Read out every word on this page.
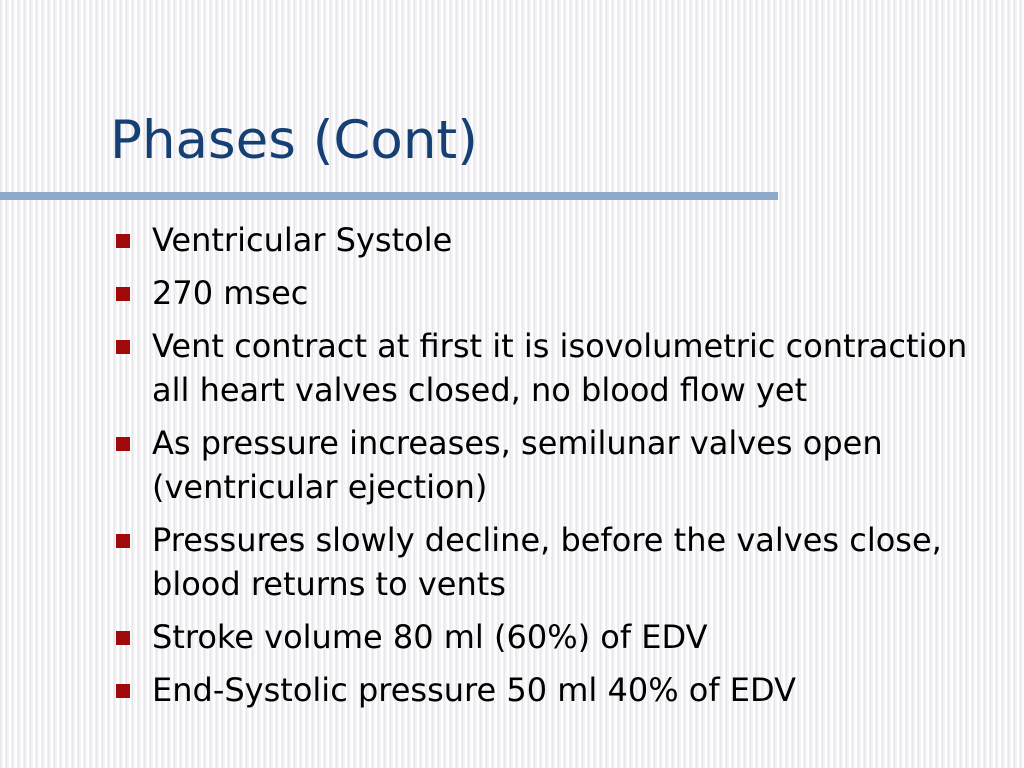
Phases (Cont)
Ventricular Systole
270 msec
Vent contract at first it is isovolumetric contraction all heart valves closed, no blood flow yet
As pressure increases, semilunar valves open (ventricular ejection)
Pressures slowly decline, before the valves close, blood returns to vents
Stroke volume 80 ml (60%) of EDV
End-Systolic pressure 50 ml 40% of EDV
